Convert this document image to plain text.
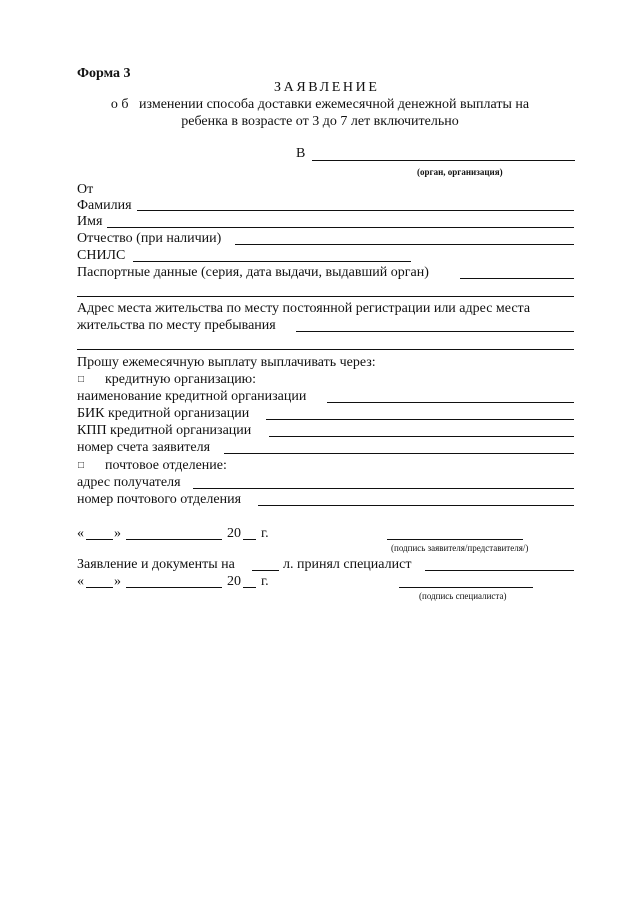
Форма 3
ЗАЯВЛЕНИЕ
о б   изменении способа доставки ежемесячной денежной выплаты на
ребенка в возрасте от 3 до 7 лет включительно
В
(орган, организация)
От
Фамилия
Имя
Отчество (при наличии)
СНИЛС
Паспортные данные (серия, дата выдачи, выдавший орган)
Адрес места жительства по месту постоянной регистрации или адрес места
жительства по месту пребывания
Прошу ежемесячную выплату выплачивать через:
□ кредитную организацию:
наименование кредитной организации
БИК кредитной организации
КПП кредитной организации
номер счета заявителя
□ почтовое отделение:
адрес получателя
номер почтового отделения
« »	20 г.
(подпись заявителя/представителя/)
Заявление и документы на	л. принял специалист
« »	20 г.
(подпись специалиста)
